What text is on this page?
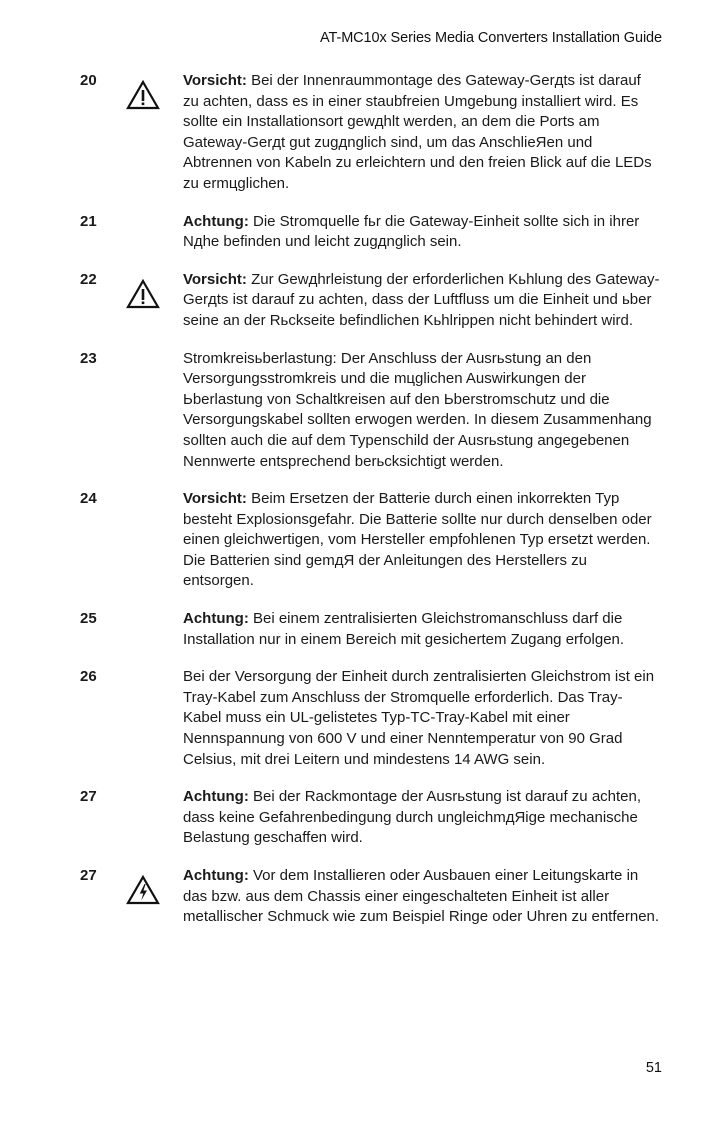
AT-MC10x Series Media Converters Installation Guide
20	Vorsicht: Bei der Innenraummontage des Gateway-Gerдts ist darauf zu achten, dass es in einer staubfreien Umgebung installiert wird. Es sollte ein Installationsort gewдhlt werden, an dem die Ports am Gateway-Gerдt gut zugдnglich sind, um das AnschlieЯen und Abtrennen von Kabeln zu erleichtern und den freien Blick auf die LEDs zu ermцglichen.
21	Achtung: Die Stromquelle fьr die Gateway-Einheit sollte sich in ihrer Nдhe befinden und leicht zugдnglich sein.
22	Vorsicht: Zur Gewдhrleistung der erforderlichen Kьhlung des Gateway-Gerдts ist darauf zu achten, dass der Luftfluss um die Einheit und ьber seine an der Rьckseite befindlichen Kьhlrippen nicht behindert wird.
23	Stromkreisьberlastung: Der Anschluss der Ausrьstung an den Versorgungsstromkreis und die mцglichen Auswirkungen der Ьberlastung von Schaltkreisen auf den Ьberstromschutz und die Versorgungskabel sollten erwogen werden. In diesem Zusammenhang sollten auch die auf dem Typenschild der Ausrьstung angegebenen Nennwerte entsprechend berьcksichtigt werden.
24	Vorsicht: Beim Ersetzen der Batterie durch einen inkorrekten Typ besteht Explosionsgefahr. Die Batterie sollte nur durch denselben oder einen gleichwertigen, vom Hersteller empfohlenen Typ ersetzt werden. Die Batterien sind gemдЯ der Anleitungen des Herstellers zu entsorgen.
25	Achtung: Bei einem zentralisierten Gleichstromanschluss darf die Installation nur in einem Bereich mit gesichertem Zugang erfolgen.
26	Bei der Versorgung der Einheit durch zentralisierten Gleichstrom ist ein Tray-Kabel zum Anschluss der Stromquelle erforderlich. Das Tray-Kabel muss ein UL-gelistetes Typ-TC-Tray-Kabel mit einer Nennspannung von 600 V und einer Nenntemperatur von 90 Grad Celsius, mit drei Leitern und mindestens 14 AWG sein.
27	Achtung: Bei der Rackmontage der Ausrьstung ist darauf zu achten, dass keine Gefahrenbedingung durch ungleichmдЯige mechanische Belastung geschaffen wird.
27	Achtung: Vor dem Installieren oder Ausbauen einer Leitungskarte in das bzw. aus dem Chassis einer eingeschalteten Einheit ist aller metallischer Schmuck wie zum Beispiel Ringe oder Uhren zu entfernen.
51
